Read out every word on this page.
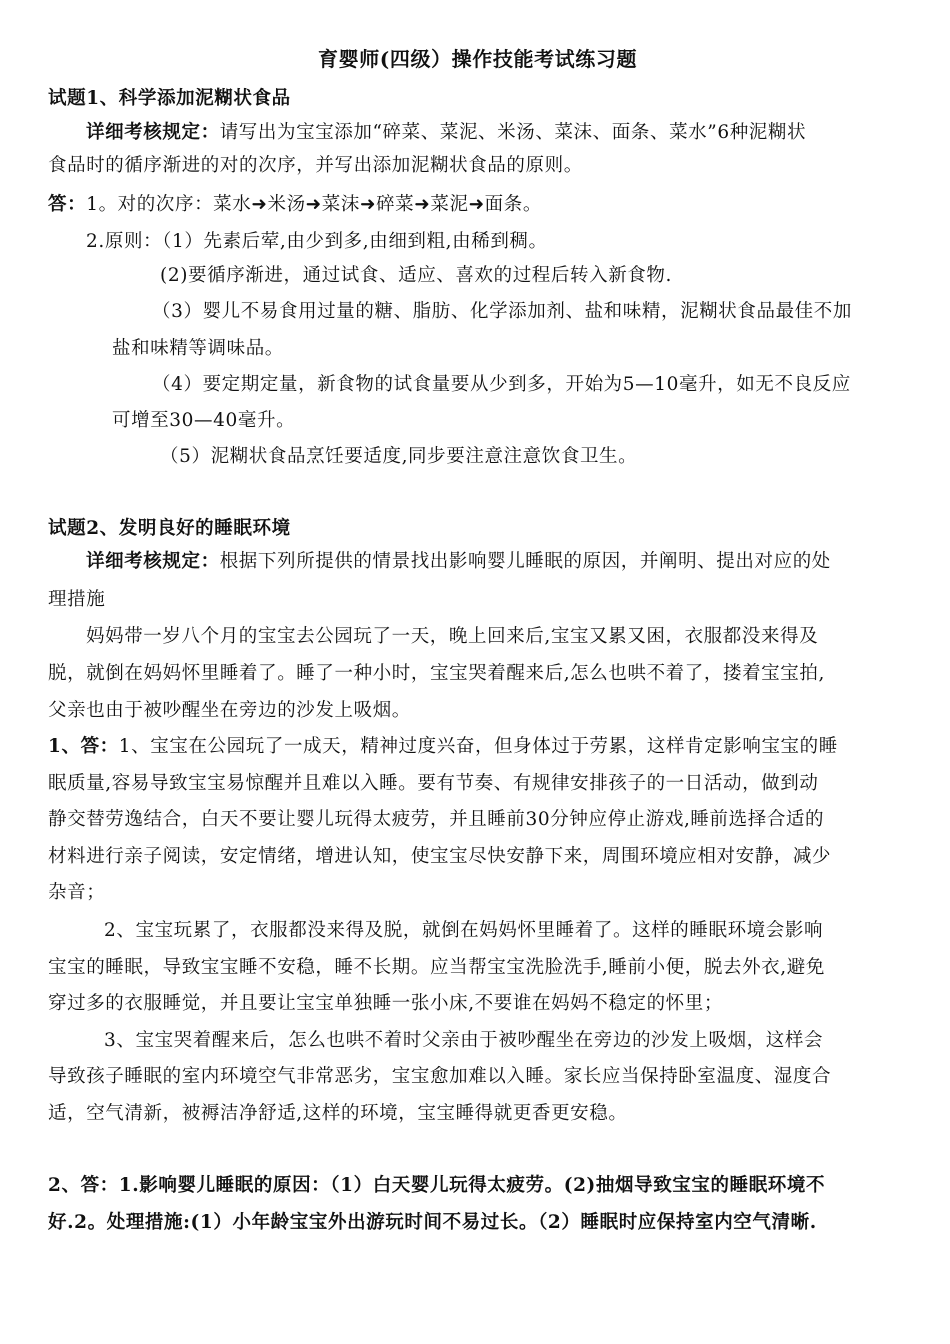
育婴师(四级）操作技能考试练习题
试题1、科学添加泥糊状食品
详细考核规定：请写出为宝宝添加“碎菜、菜泥、米汤、菜沫、面条、菜水”6种泥糊状
食品时的循序渐进的对的次序，并写出添加泥糊状食品的原则。
答：1。对的次序：菜水➜米汤➜菜沫➜碎菜➜菜泥➜面条。
2.原则：（1）先素后荤,由少到多,由细到粗,由稀到稠。
(2)要循序渐进，通过试食、适应、喜欢的过程后转入新食物.
（3）婴儿不易食用过量的糖、脂肪、化学添加剂、盐和味精，泥糊状食品最佳不加
盐和味精等调味品。
（4）要定期定量，新食物的试食量要从少到多，开始为5—10毫升，如无不良反应
可增至30—40毫升。
（5）泥糊状食品烹饪要适度,同步要注意注意饮食卫生。
试题2、发明良好的睡眠环境
详细考核规定：根据下列所提供的情景找出影响婴儿睡眠的原因，并阐明、提出对应的处
理措施
妈妈带一岁八个月的宝宝去公园玩了一天，晚上回来后,宝宝又累又困，衣服都没来得及
脱，就倒在妈妈怀里睡着了。睡了一种小时，宝宝哭着醒来后,怎么也哄不着了，搂着宝宝拍,
父亲也由于被吵醒坐在旁边的沙发上吸烟。
1、答：1、宝宝在公园玩了一成天，精神过度兴奋，但身体过于劳累，这样肯定影响宝宝的睡
眠质量,容易导致宝宝易惊醒并且难以入睡。要有节奏、有规律安排孩子的一日活动，做到动
静交替劳逸结合，白天不要让婴儿玩得太疲劳，并且睡前30分钟应停止游戏,睡前选择合适的
材料进行亲子阅读，安定情绪，增进认知，使宝宝尽快安静下来，周围环境应相对安静，减少
杂音；
2、宝宝玩累了，衣服都没来得及脱，就倒在妈妈怀里睡着了。这样的睡眠环境会影响
宝宝的睡眠，导致宝宝睡不安稳，睡不长期。应当帮宝宝洗脸洗手,睡前小便，脱去外衣,避免
穿过多的衣服睡觉，并且要让宝宝单独睡一张小床,不要谁在妈妈不稳定的怀里；
3、宝宝哭着醒来后，怎么也哄不着时父亲由于被吵醒坐在旁边的沙发上吸烟，这样会
导致孩子睡眠的室内环境空气非常恶劣，宝宝愈加难以入睡。家长应当保持卧室温度、湿度合
适，空气清新，被褥洁净舒适,这样的环境，宝宝睡得就更香更安稳。
2、答：1.影响婴儿睡眠的原因：（1）白天婴儿玩得太疲劳。(2)抽烟导致宝宝的睡眠环境不
好.2。处理措施:(1）小年龄宝宝外出游玩时间不易过长。（2）睡眠时应保持室内空气清晰.
